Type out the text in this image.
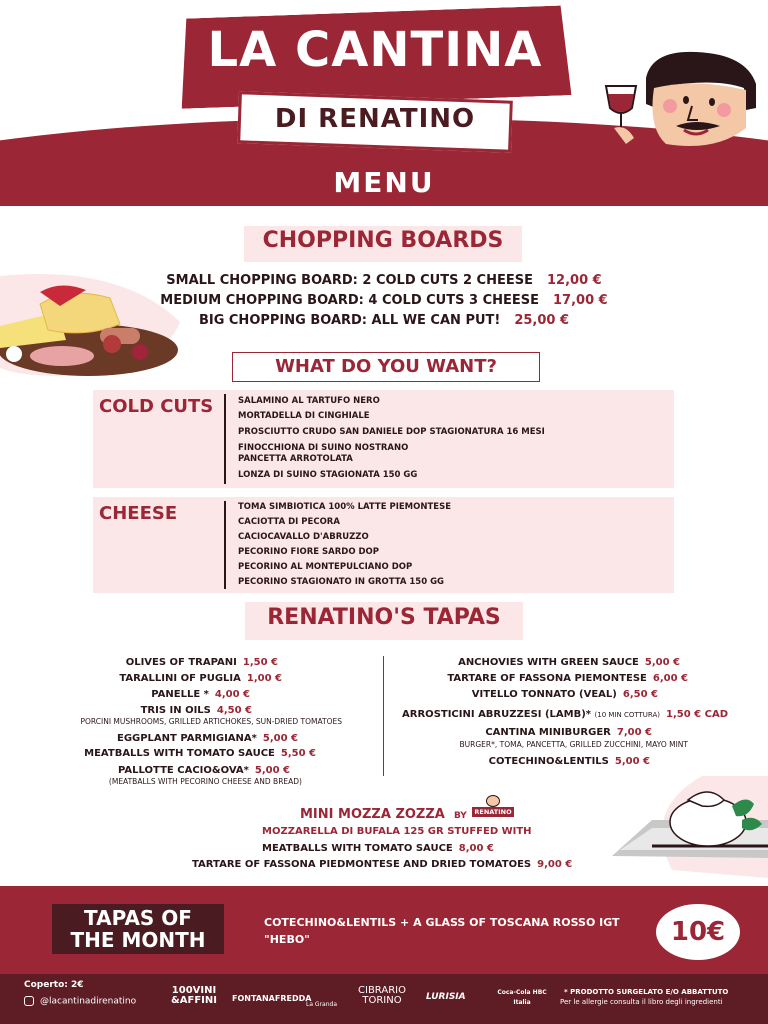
LA CANTINA
DI RENATINO
MENU
CHOPPING BOARDS
SMALL CHOPPING BOARD: 2 COLD CUTS 2 CHEESE 12,00 €
MEDIUM CHOPPING BOARD: 4 COLD CUTS 3 CHEESE 17,00 €
BIG CHOPPING BOARD: ALL WE CAN PUT! 25,00 €
WHAT DO YOU WANT?
COLD CUTS	SALAMINO AL TARTUFO NERO
MORTADELLA DI CINGHIALE
PROSCIUTTO CRUDO SAN DANIELE DOP STAGIONATURA 16 MESI
FINOCCHIONA DI SUINO NOSTRANO
PANCETTA ARROTOLATA
LONZA DI SUINO STAGIONATA 150 GG
CHEESE	TOMA SIMBIOTICA 100% LATTE PIEMONTESE
CACIOTTA DI PECORA
CACIOCAVALLO D'ABRUZZO
PECORINO FIORE SARDO DOP
PECORINO AL MONTEPULCIANO DOP
PECORINO STAGIONATO IN GROTTA 150 GG
RENATINO'S TAPAS
OLIVES OF TRAPANI 1,50 €
TARALLINI OF PUGLIA 1,00 €
PANELLE * 4,00 €
TRIS IN OILS 4,50 €
PORCINI MUSHROOMS, GRILLED ARTICHOKES, SUN-DRIED TOMATOES
EGGPLANT PARMIGIANA* 5,00 €
MEATBALLS WITH TOMATO SAUCE 5,50 €
PALLOTTE CACIO&OVA* 5,00 €
(MEATBALLS WITH PECORINO CHEESE AND BREAD)
ANCHOVIES WITH GREEN SAUCE 5,00 €
TARTARE OF FASSONA PIEMONTESE 6,00 €
VITELLO TONNATO (VEAL) 6,50 €
ARROSTICINI ABRUZZESI (LAMB)* (10 MIN COTTURA) 1,50 € CAD
CANTINA MINIBURGER 7,00 €
BURGER*, TOMA, PANCETTA, GRILLED ZUCCHINI, MAYO MINT
COTECHINO&LENTILS 5,00 €
MINI MOZZA ZOZZA BY	RENATINO
MOZZARELLA DI BUFALA 125 GR STUFFED WITH
MEATBALLS WITH TOMATO SAUCE 8,00 €
TARTARE OF FASSONA PIEDMONTESE AND DRIED TOMATOES 9,00 €
TAPAS OF
THE MONTH
COTECHINO&LENTILS + A GLASS OF TOSCANA ROSSO IGT
"HEBO"	10€
Coperto: 2€
@lacantinadirenatino
100VINI &AFFINI	FONTANAFREDDA
La Granda
CIBRARIO TORINO	LURISIA	Coca-Cola HBC Italia
* PRODOTTO SURGELATO E/O ABBATTUTO
Per le allergie consulta il libro degli ingredienti
